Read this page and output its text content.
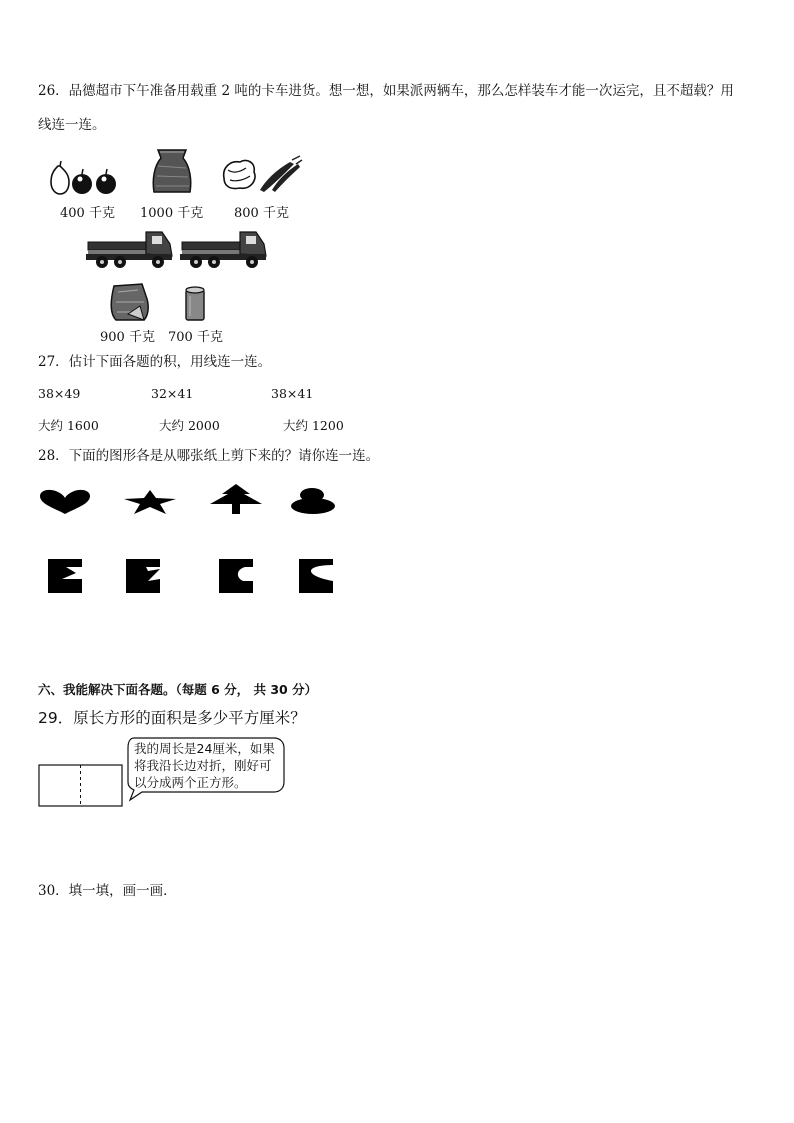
26．品德超市下午准备用载重 2 吨的卡车进货。想一想，如果派两辆车，那么怎样装车才能一次运完，且不超载？用
线连一连。
400 千克 1000 千克 800 千克
900 千克 700 千克
27．估计下面各题的积，用线连一连。
38×49	32×41	38×41
大约 1600	大约 2000	大约 1200
28．下面的图形各是从哪张纸上剪下来的？请你连一连。
六、我能解决下面各题。（每题 6 分， 共 30 分）
29．原长方形的面积是多少平方厘米？
我的周长是24厘米，如果
将我沿长边对折，刚好可
以分成两个正方形。
30．填一填，画一画．
